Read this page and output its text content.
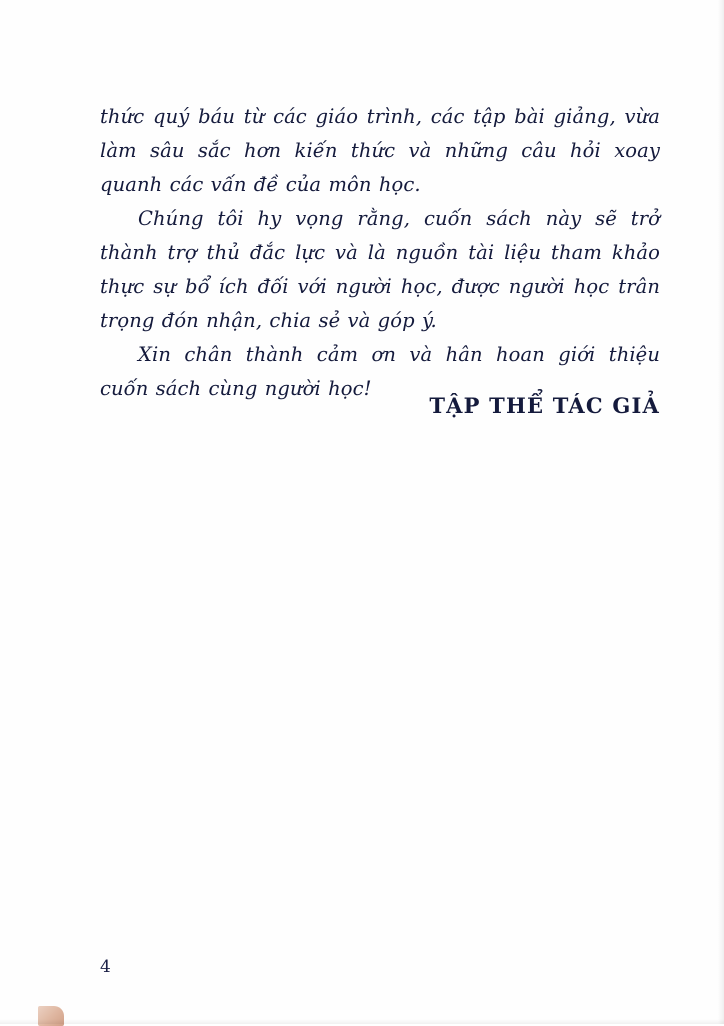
thức quý báu từ các giáo trình, các tập bài giảng, vừa làm sâu sắc hơn kiến thức và những câu hỏi xoay quanh các vấn đề của môn học.

Chúng tôi hy vọng rằng, cuốn sách này sẽ trở thành trợ thủ đắc lực và là nguồn tài liệu tham khảo thực sự bổ ích đối với người học, được người học trân trọng đón nhận, chia sẻ và góp ý.

Xin chân thành cảm ơn và hân hoan giới thiệu cuốn sách cùng người học!

TẬP THỂ TÁC GIẢ
4
